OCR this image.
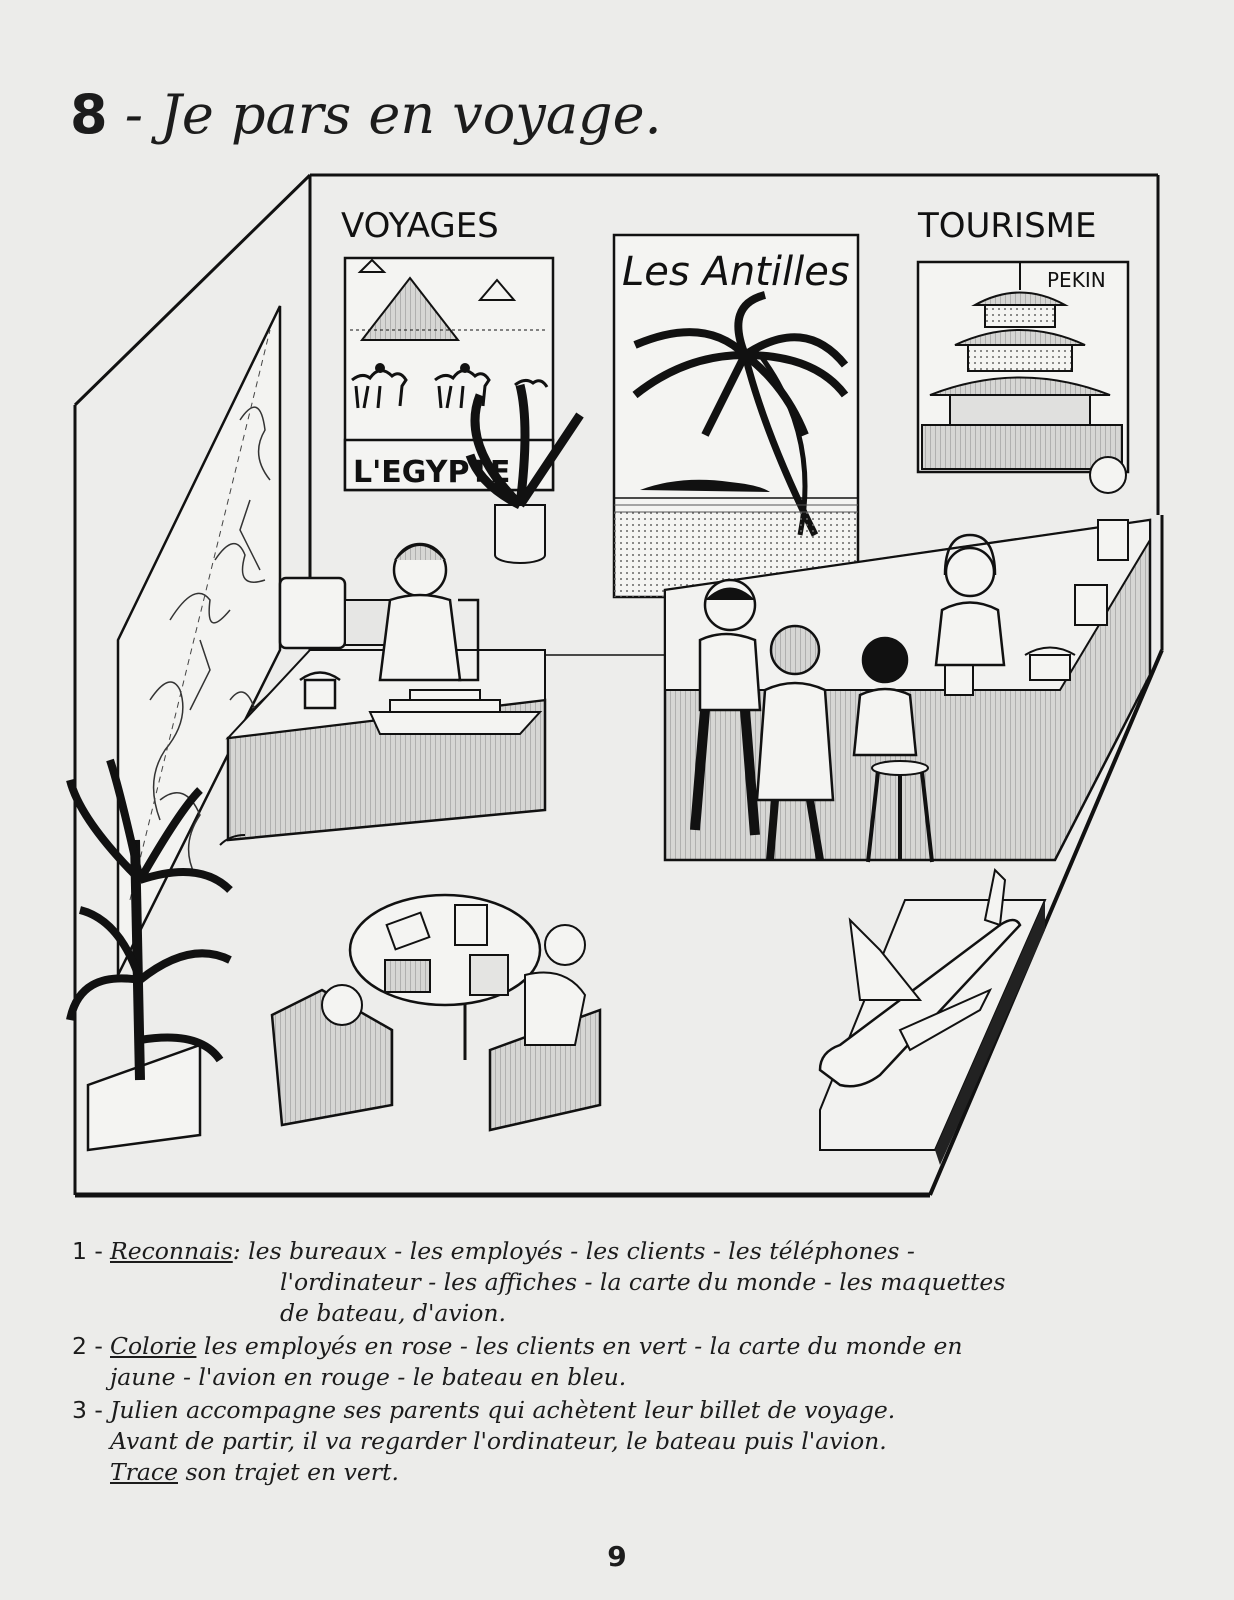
8 - Je pars en voyage.
VOYAGES
L'EGYPTE
Les Antilles
TOURISME
PEKIN
1 - Reconnais: les bureaux - les employés - les clients - les téléphones -
l'ordinateur - les affiches - la carte du monde - les maquettes
de bateau, d'avion.
2 - Colorie les employés en rose - les clients en vert - la carte du monde en
jaune - l'avion en rouge - le bateau en bleu.
3 - Julien accompagne ses parents qui achètent leur billet de voyage.
Avant de partir, il va regarder l'ordinateur, le bateau puis l'avion.
Trace son trajet en vert.
9
